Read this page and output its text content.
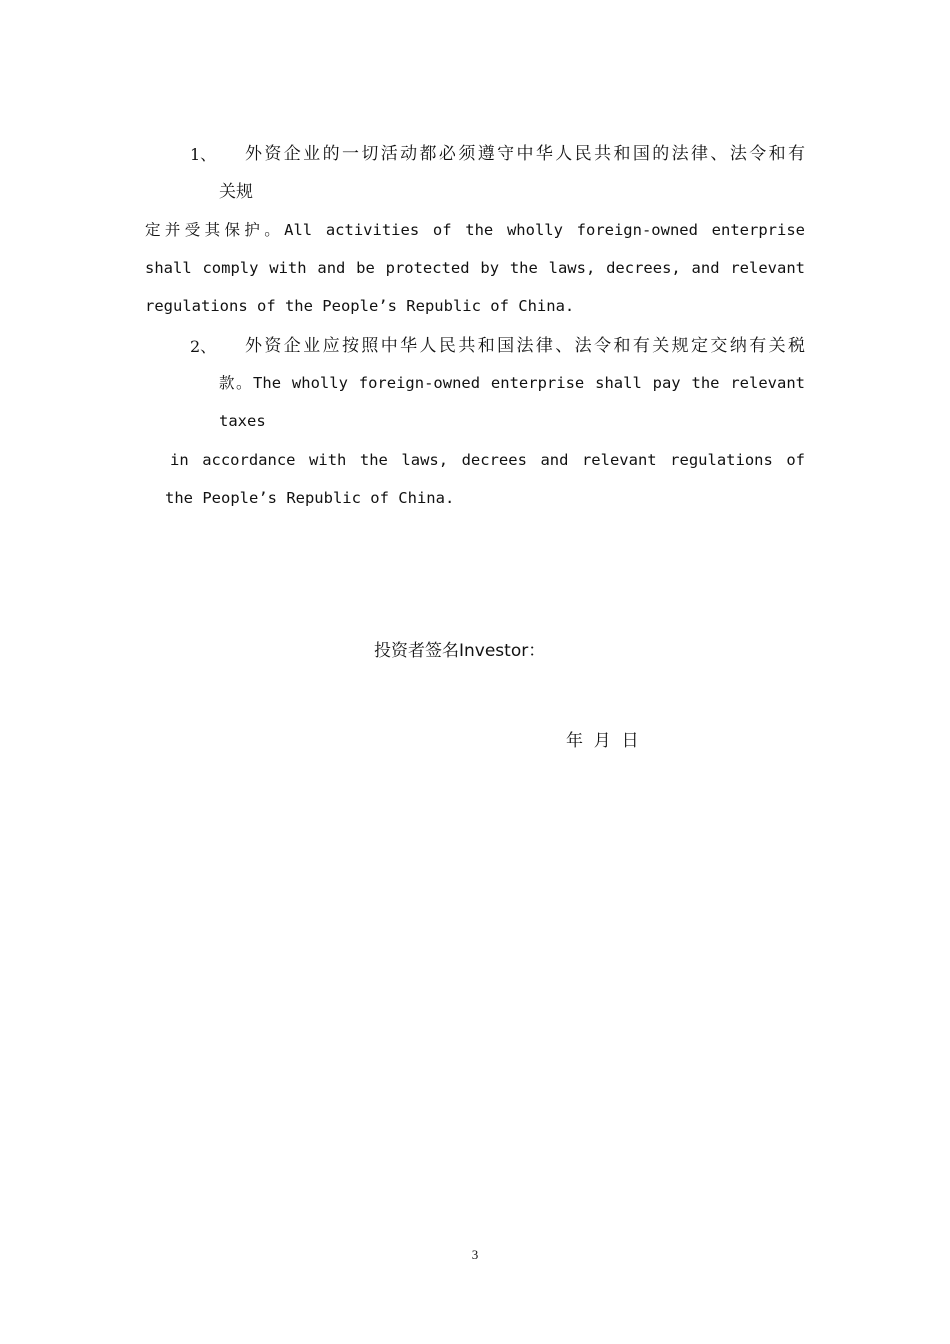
1、 外资企业的一切活动都必须遵守中华人民共和国的法律、法令和有
关规
定并受其保护。All activities of the wholly foreign-owned enterprise
shall comply with and be protected by the laws, decrees, and relevant
regulations of the People’s Republic of China.
2、 外资企业应按照中华人民共和国法律、法令和有关规定交纳有关税
款。The wholly foreign-owned enterprise shall pay the relevant
taxes
in accordance with the laws, decrees and relevant regulations of
the People’s Republic of China.
投资者签名Investor：
年  月  日
3
